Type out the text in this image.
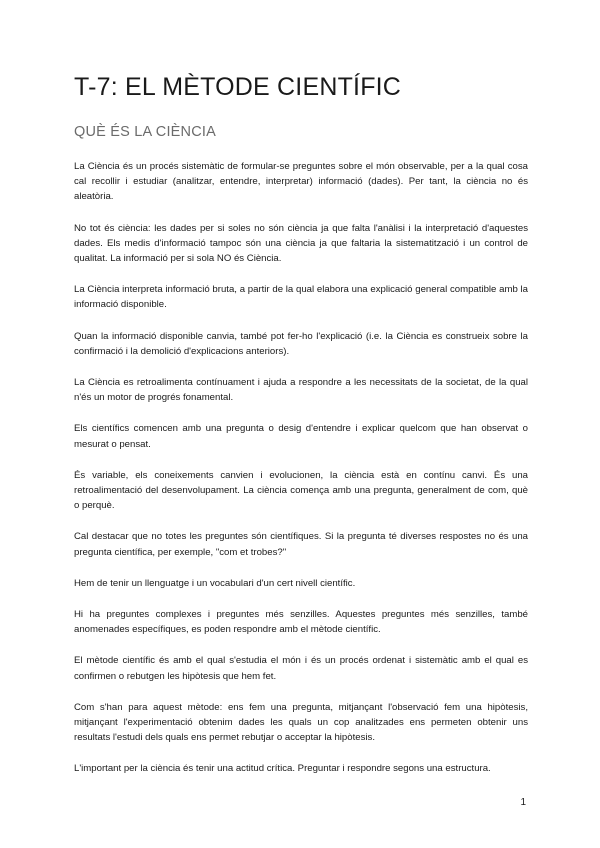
T-7: EL MÈTODE CIENTÍFIC
QUÈ ÉS LA CIÈNCIA

La Ciència és un procés sistemàtic de formular-se preguntes sobre el món observable, per a la qual cosa cal recollir i estudiar (analitzar, entendre, interpretar) informació (dades). Per tant, la ciència no és aleatòria.

No tot és ciència: les dades per si soles no són ciència ja que falta l'anàlisi i la interpretació d'aquestes dades. Els medis d'informació tampoc són una ciència ja que faltaria la sistematització i un control de qualitat. La informació per si sola NO és Ciència.

La Ciència interpreta informació bruta, a partir de la qual elabora una explicació general compatible amb la informació disponible.

Quan la informació disponible canvia, també pot fer-ho l'explicació (i.e. la Ciència es construeix sobre la confirmació i la demolició d'explicacions anteriors).

La Ciència es retroalimenta contínuament i ajuda a respondre a les necessitats de la societat, de la qual n'és un motor de progrés fonamental.

Els científics comencen amb una pregunta o desig d'entendre i explicar quelcom que han observat o mesurat o pensat.

És variable, els coneixements canvien i evolucionen, la ciència està en contínu canvi. És una retroalimentació del desenvolupament. La ciència comença amb una pregunta, generalment de com, què o perquè.

Cal destacar que no totes les preguntes són científiques. Si la pregunta té diverses respostes no és una pregunta científica, per exemple, "com et trobes?"

Hem de tenir un llenguatge i un vocabulari d'un cert nivell científic.

Hi ha preguntes complexes i preguntes més senzilles. Aquestes preguntes més senzilles, també anomenades específiques, es poden respondre amb el mètode científic.

El mètode científic és amb el qual s'estudia el món i és un procés ordenat i sistemàtic amb el qual es confirmen o rebutgen les hipòtesis que hem fet.

Com s'han para aquest mètode: ens fem una pregunta, mitjançant l'observació fem una hipòtesis, mitjançant l'experimentació obtenim dades les quals un cop analitzades ens permeten obtenir uns resultats l'estudi dels quals ens permet rebutjar o acceptar la hipòtesis.

L'important per la ciència és tenir una actitud crítica. Preguntar i respondre segons una estructura.

1
